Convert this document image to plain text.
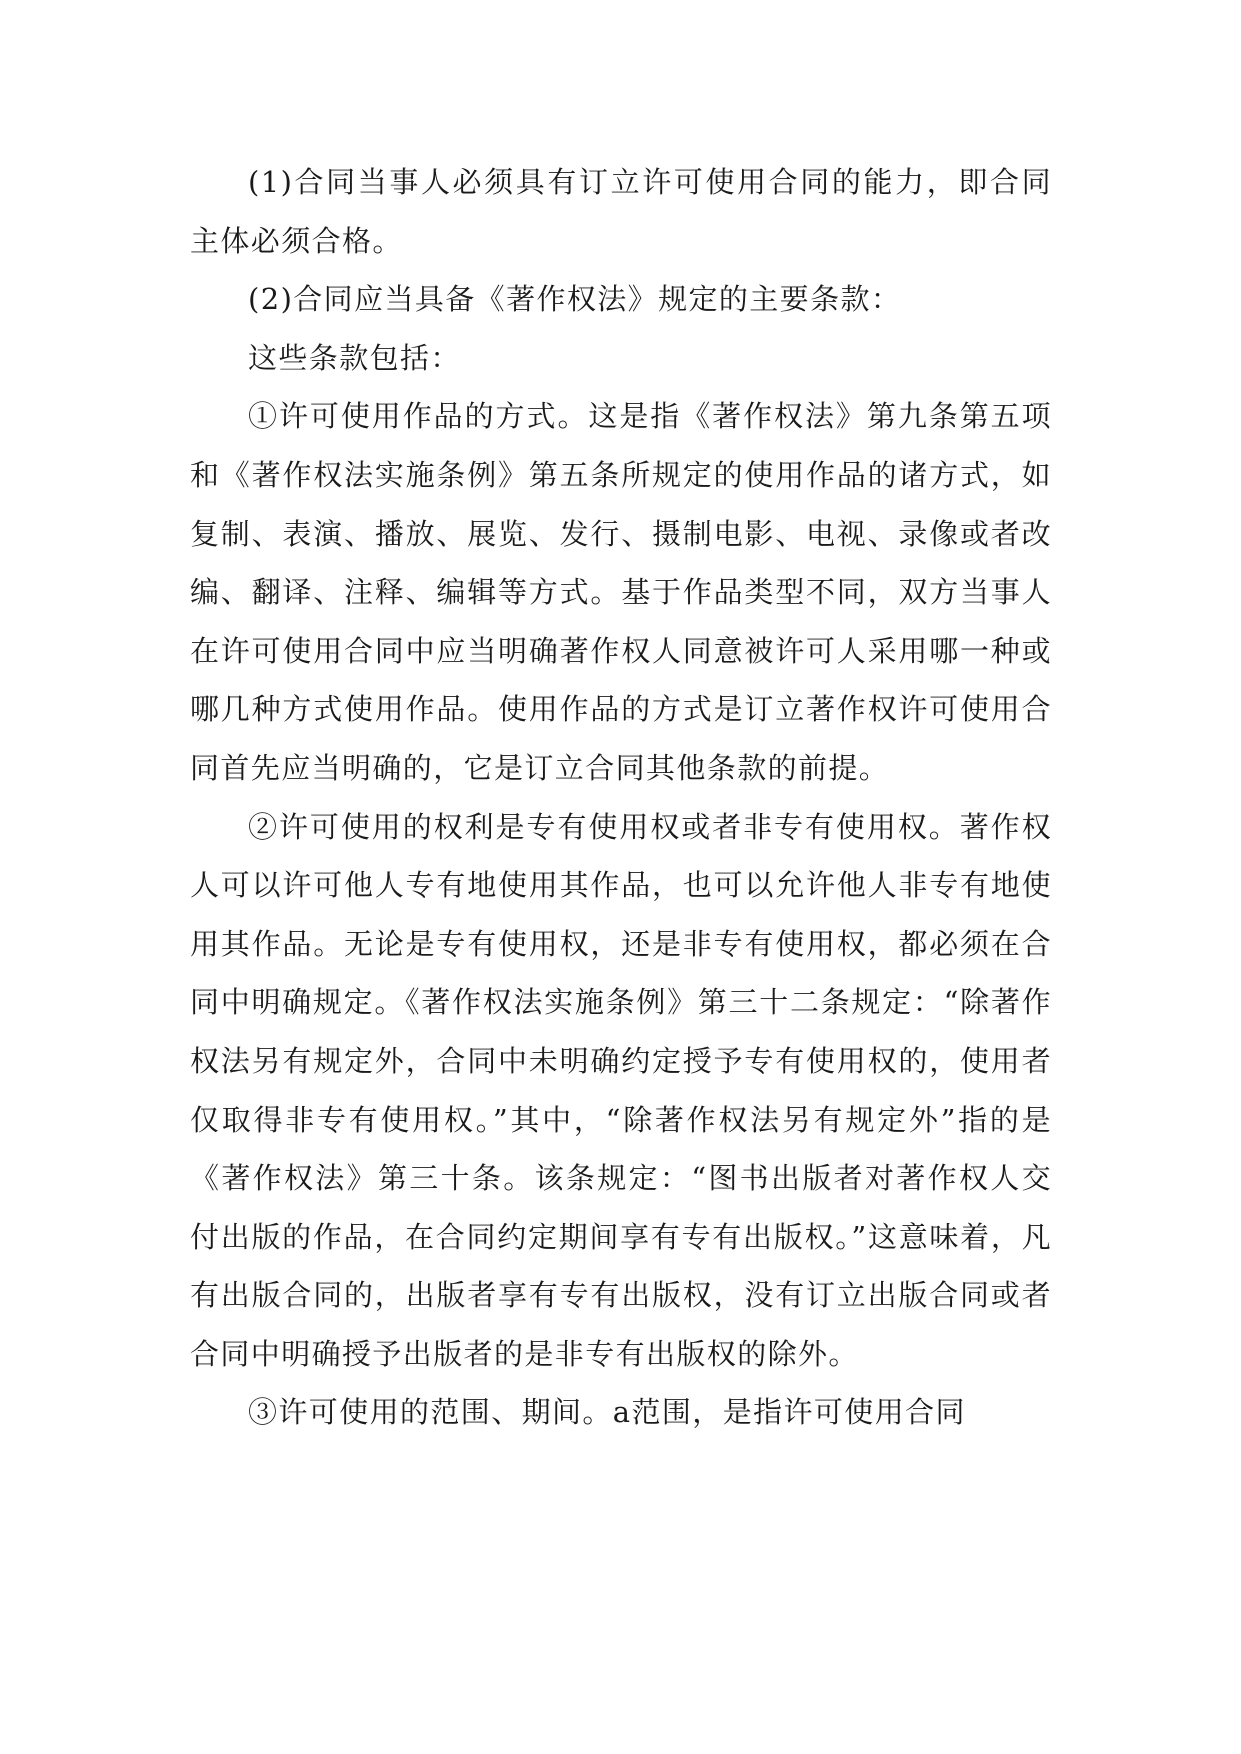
(1)合同当事人必须具有订立许可使用合同的能力，即合同主体必须合格。

(2)合同应当具备《著作权法》规定的主要条款：

这些条款包括：

①许可使用作品的方式。这是指《著作权法》第九条第五项和《著作权法实施条例》第五条所规定的使用作品的诸方式，如复制、表演、播放、展览、发行、摄制电影、电视、录像或者改编、翻译、注释、编辑等方式。基于作品类型不同，双方当事人在许可使用合同中应当明确著作权人同意被许可人采用哪一种或哪几种方式使用作品。使用作品的方式是订立著作权许可使用合同首先应当明确的，它是订立合同其他条款的前提。

②许可使用的权利是专有使用权或者非专有使用权。著作权人可以许可他人专有地使用其作品，也可以允许他人非专有地使用其作品。无论是专有使用权，还是非专有使用权，都必须在合同中明确规定。《著作权法实施条例》第三十二条规定：“除著作权法另有规定外，合同中未明确约定授予专有使用权的，使用者仅取得非专有使用权。”其中，“除著作权法另有规定外”指的是《著作权法》第三十条。该条规定：“图书出版者对著作权人交付出版的作品，在合同约定期间享有专有出版权。”这意味着，凡有出版合同的，出版者享有专有出版权，没有订立出版合同或者合同中明确授予出版者的是非专有出版权的除外。

③许可使用的范围、期间。a范围，是指许可使用合同
